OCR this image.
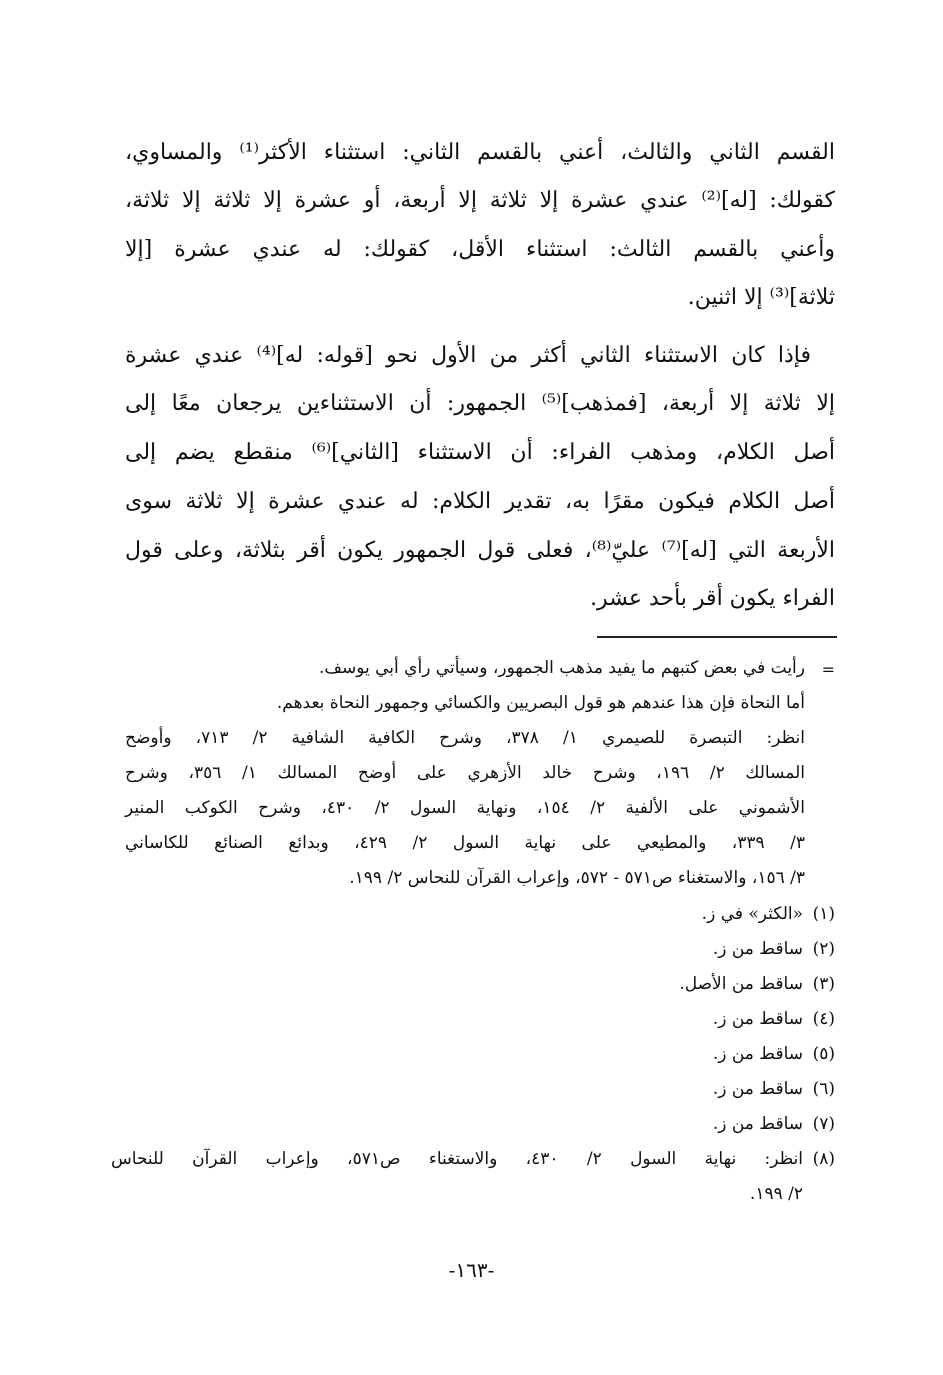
القسم الثاني والثالث، أعني بالقسم الثاني: استثناء الأكثر⁽¹⁾ والمساوي،
كقولك: [له]⁽²⁾ عندي عشرة إلا ثلاثة إلا أربعة، أو عشرة إلا ثلاثة إلا ثلاثة،
وأعني بالقسم الثالث: استثناء الأقل، كقولك: له عندي عشرة [إلا
ثلاثة]⁽³⁾ إلا اثنين.
فإذا كان الاستثناء الثاني أكثر من الأول نحو [قوله: له]⁽⁴⁾ عندي عشرة
إلا ثلاثة إلا أربعة، [فمذهب]⁽⁵⁾ الجمهور: أن الاستثناءين يرجعان معًا إلى
أصل الكلام، ومذهب الفراء: أن الاستثناء [الثاني]⁽⁶⁾ منقطع يضم إلى
أصل الكلام فيكون مقرًا به، تقدير الكلام: له عندي عشرة إلا ثلاثة سوى
الأربعة التي [له]⁽⁷⁾ عليّ⁽⁸⁾، فعلى قول الجمهور يكون أقر بثلاثة، وعلى قول
الفراء يكون أقر بأحد عشر.
=
رأيت في بعض كتبهم ما يفيد مذهب الجمهور، وسيأتي رأي أبي يوسف.
أما النحاة فإن هذا عندهم هو قول البصريين والكسائي وجمهور النحاة بعدهم.
انظر: التبصرة للصيمري ١/ ٣٧٨، وشرح الكافية الشافية ٢/ ٧١٣، وأوضح
المسالك ٢/ ١٩٦، وشرح خالد الأزهري على أوضح المسالك ١/ ٣٥٦، وشرح
الأشموني على الألفية ٢/ ١٥٤، ونهاية السول ٢/ ٤٣٠، وشرح الكوكب المنير
٣/ ٣٣٩، والمطيعي على نهاية السول ٢/ ٤٢٩، وبدائع الصنائع للكاساني
٣/ ١٥٦، والاستغناء ص٥٧١ - ٥٧٢، وإعراب القرآن للنحاس ٢/ ١٩٩.
(١)
«الكثر» في ز.
(٢)
ساقط من ز.
(٣)
ساقط من الأصل.
(٤)
ساقط من ز.
(٥)
ساقط من ز.
(٦)
ساقط من ز.
(٧)
ساقط من ز.
(٨)
انظر: نهاية السول ٢/ ٤٣٠، والاستغناء ص٥٧١، وإعراب القرآن للنحاس
٢/ ١٩٩.
-١٦٣-
